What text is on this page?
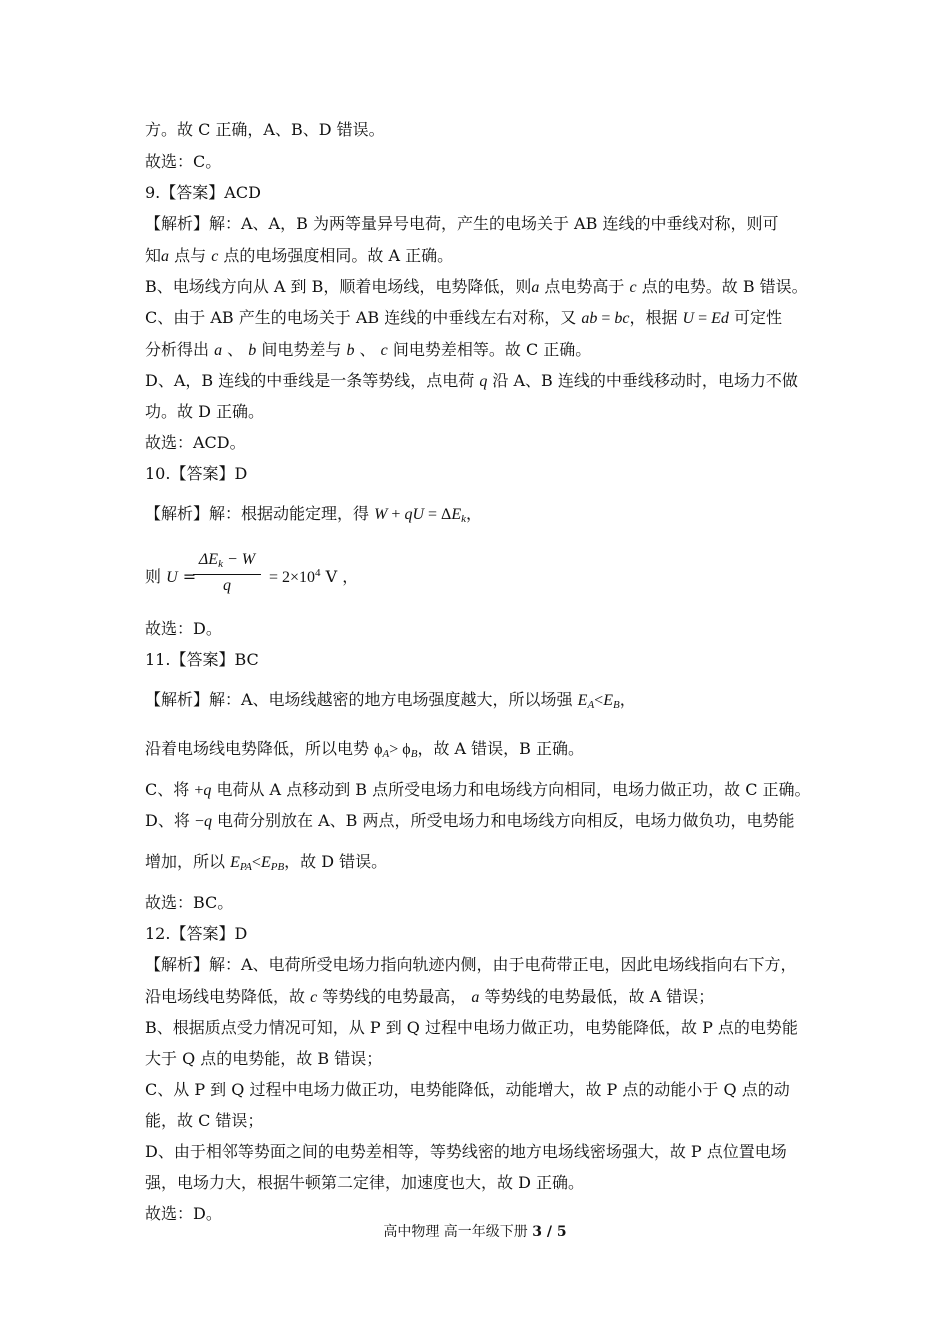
方。故 C 正确，A、B、D 错误。
故选：C。
9.【答案】ACD
【解析】解：A、A，B 为两等量异号电荷，产生的电场关于 AB 连线的中垂线对称，则可
知a 点与 c 点的电场强度相同。故 A 正确。
B、电场线方向从 A 到 B，顺着电场线，电势降低，则a 点电势高于 c 点的电势。故 B 错误。
C、由于 AB 产生的电场关于 AB 连线的中垂线左右对称，又 ab = bc，根据 U = Ed 可定性
分析得出 a 、 b 间电势差与 b 、 c 间电势差相等。故 C 正确。
D、A，B 连线的中垂线是一条等势线，点电荷 q 沿 A、B 连线的中垂线移动时，电场力不做
功。故 D 正确。
故选：ACD。
10.【答案】D
【解析】解：根据动能定理，得 W + qU = $\Delta E_k$，
则 U =
$\Delta E_k - W$
q	= $2\times 10^4$ V ，
故选：D。
11.【答案】BC
【解析】解：A、电场线越密的地方电场强度越大，所以场强 $E_A<E_B$，
沿着电场线电势降低，所以电势 $\phi_A> \phi_B$，故 A 错误，B 正确。
C、将 +q 电荷从 A 点移动到 B 点所受电场力和电场线方向相同，电场力做正功，故 C 正确。
D、将 −q 电荷分别放在 A、B 两点，所受电场力和电场线方向相反，电场力做负功，电势能
增加，所以 $E_{PA}<E_{PB}$，故 D 错误。
故选：BC。
12.【答案】D
【解析】解：A、电荷所受电场力指向轨迹内侧，由于电荷带正电，因此电场线指向右下方，
沿电场线电势降低，故 c 等势线的电势最高， a 等势线的电势最低，故 A 错误；
B、根据质点受力情况可知，从 P 到 Q 过程中电场力做正功，电势能降低，故 P 点的电势能
大于 Q 点的电势能，故 B 错误；
C、从 P 到 Q 过程中电场力做正功，电势能降低，动能增大，故 P 点的动能小于 Q 点的动
能，故 C 错误；
D、由于相邻等势面之间的电势差相等，等势线密的地方电场线密场强大，故 P 点位置电场
强，电场力大，根据牛顿第二定律，加速度也大，故 D 正确。
故选：D。
高中物理 高一年级下册 3 / 5
